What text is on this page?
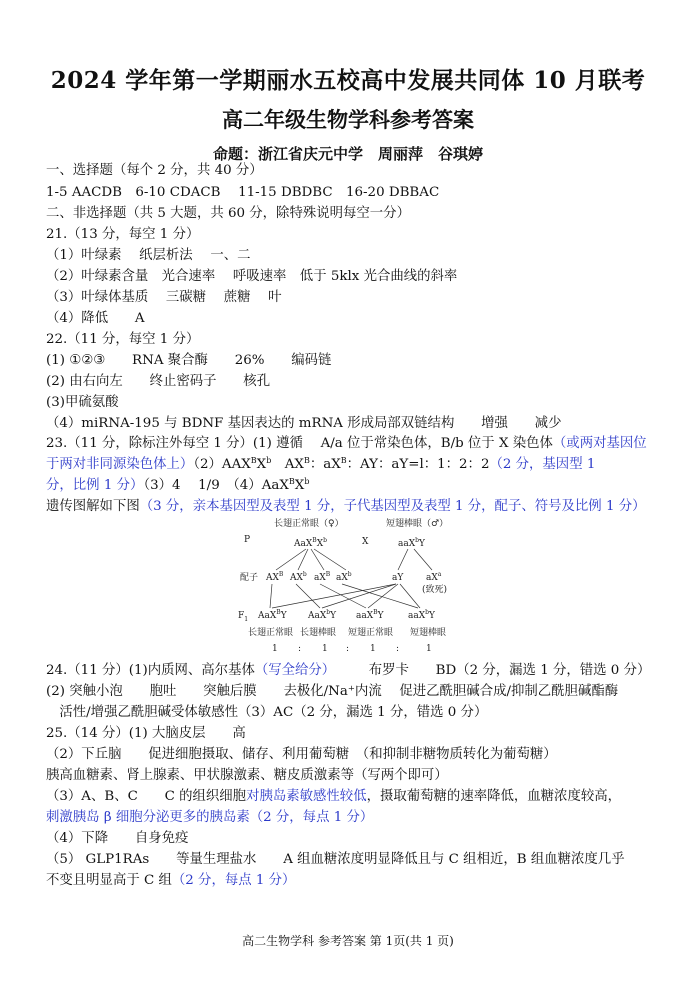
2024 学年第一学期丽水五校高中发展共同体 10 月联考
高二年级生物学科参考答案
命题：浙江省庆元中学　周丽萍　谷琪婷
一、选择题（每个 2 分，共 40 分）
1-5 AACDB　6-10 CDACB　 11-15 DBDBC　16-20 DBBAC
二、非选择题（共 5 大题，共 60 分，除特殊说明每空一分）
21.（13 分，每空 1 分）
（1）叶绿素　 纸层析法　 一、二
（2）叶绿素含量　光合速率　 呼吸速率　低于 5klx 光合曲线的斜率
（3）叶绿体基质　 三碳糖　 蔗糖　 叶
（4）降低　　A
22.（11 分，每空 1 分）
(1) ①②③　　RNA 聚合酶　　26%　　编码链
(2) 由右向左　　终止密码子　　核孔
(3)甲硫氨酸
（4）miRNA-195 与 BDNF 基因表达的 mRNA 形成局部双链结构　　增强　　减少
23.（11 分，除标注外每空 1 分）(1) 遵循　 A/a 位于常染色体，B/b 位于 X 染色体（或两对基因位
于两对非同源染色体上）$(2)AAX^BX^b$　$AX^B$：$aX^B$：AY：aY=l：1：2：2（2 分，基因型 1
分，比例 1 分）（3）4　 1/9　$(4)AaX^BX^b$
遗传图解如下图（3 分，亲本基因型及表型 1 分，子代基因型及表型 1 分，配子、符号及比例 1 分）
P
长翅正常眼（♀）	短翅棒眼（♂）
$AaX^BX^b$	X	aaX$^b$Y
配子 $AX^B$ $AX^b$ $aX^B$ $aX^b$	aY	$aX^a$
(致死)
$F_1$ AaX$^B$Y AaX$^b$Y aaX$^B$Y	aaX$^b$Y
长翅正常眼 长翅棒眼 短翅正常眼 短翅棒眼
1 : 1 : 1 :	1
24.（11 分）(1)内质网、高尔基体（写全给分）　　　	布罗卡　　BD（2 分，漏选 1 分，错选 0 分）
(2) 突触小泡　　胞吐　　突触后膜　　去极化/Na⁺内流　 促进乙酰胆碱合成/抑制乙酰胆碱酯酶
　活性/增强乙酰胆碱受体敏感性（3）AC（2 分，漏选 1 分，错选 0 分）
25.（14 分）(1) 大脑皮层　　高
（2）下丘脑　　促进细胞摄取、储存、利用葡萄糖　（和抑制非糖物质转化为葡萄糖）
胰高血糖素、肾上腺素、甲状腺激素、糖皮质激素等（写两个即可）
（3）A、B、C　　C 的组织细胞对胰岛素敏感性较低，摄取葡萄糖的速率降低，血糖浓度较高，
刺激胰岛 β 细胞分泌更多的胰岛素（2 分，每点 1 分）
（4）下降　　自身免疫
（5） GLP1RAs　　等量生理盐水　　A 组血糖浓度明显降低且与 C 组相近，B 组血糖浓度几乎
不变且明显高于 C 组（2 分，每点 1 分）
高二生物学科 参考答案 第 1页(共 1 页)
